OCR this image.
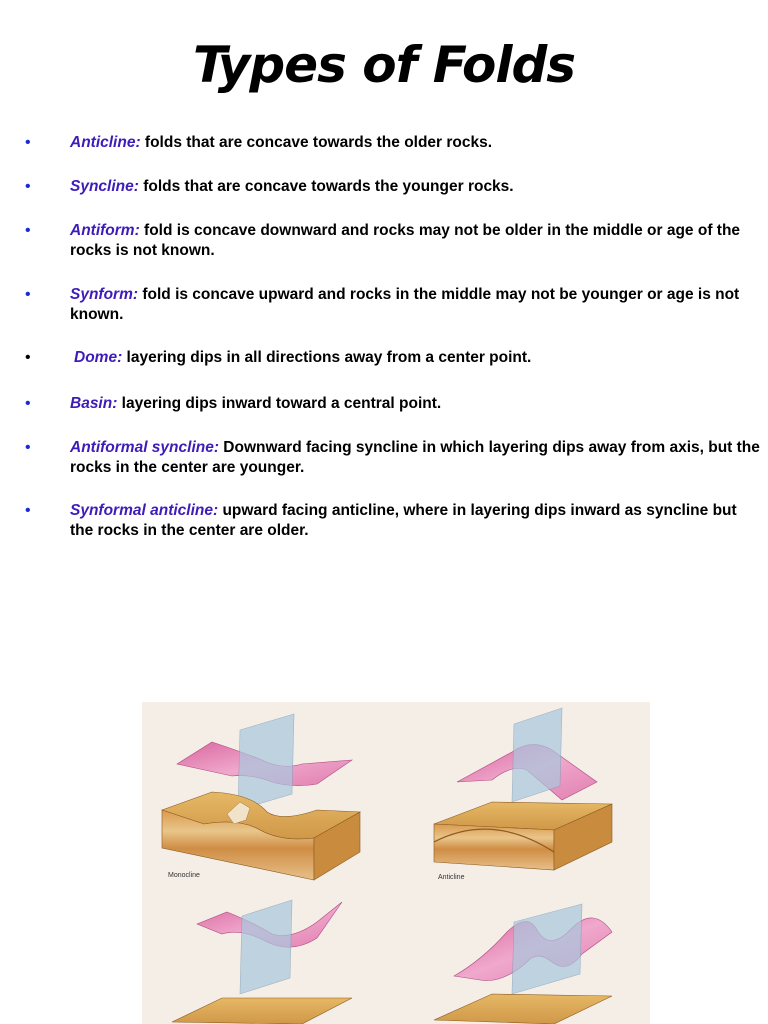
Types of Folds
•	Anticline: folds that are concave towards the older rocks.
•	Syncline: folds that are concave towards the younger rocks.
•	Antiform: fold is concave downward and rocks may not be older in the middle or age of the rocks is not known.
•	Synform: fold is concave upward and rocks in the middle may not be younger or age is not known.
•	Dome: layering dips in all directions away from a center point.
•	Basin: layering dips inward toward a central point.
•	Antiformal syncline: Downward facing syncline in which layering dips away from axis, but the rocks in the center are younger.
•	Synformal anticline: upward facing anticline, where in layering dips inward as syncline but the rocks in the center are older.
Monocline	Anticline
